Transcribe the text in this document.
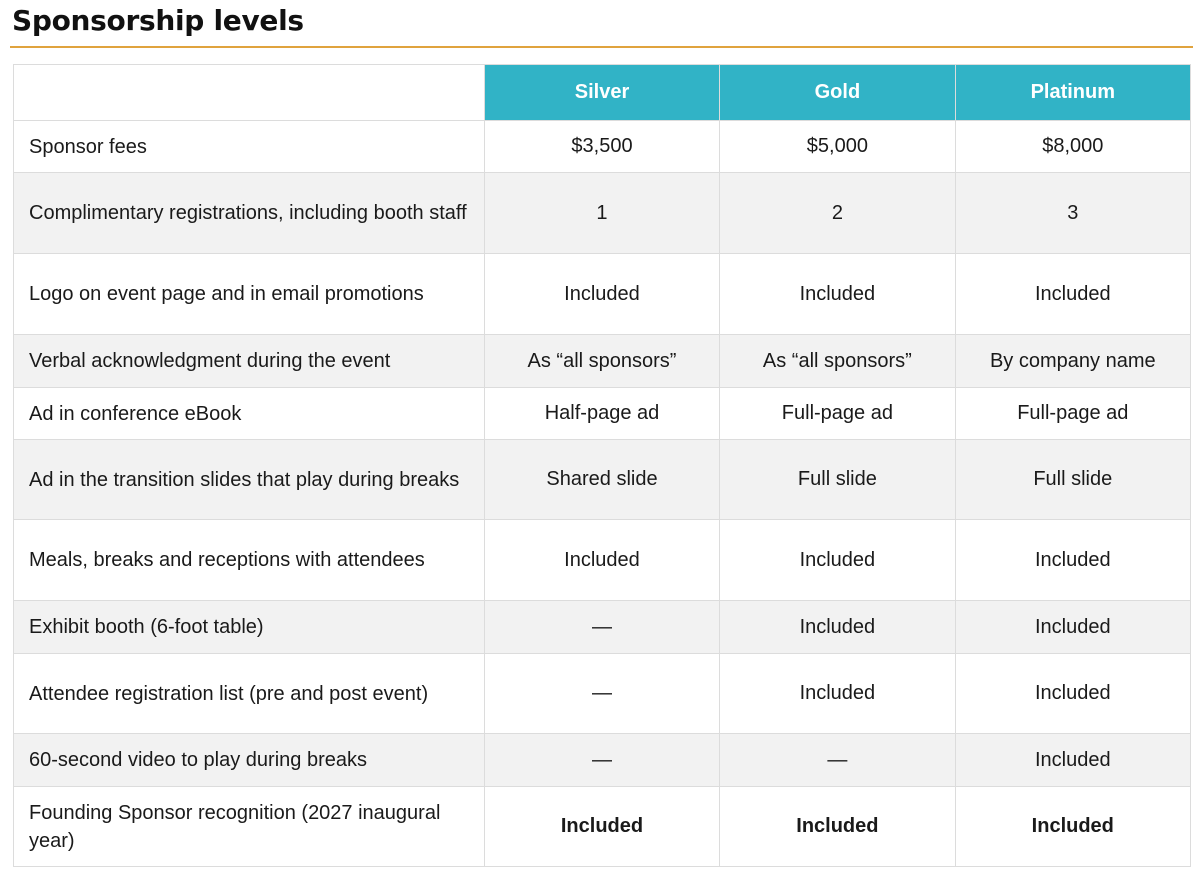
Sponsorship levels
	Silver	Gold	Platinum
Sponsor fees	$3,500	$5,000	$8,000
Complimentary registrations, including booth staff	1	2	3
Logo on event page and in email promotions	Included	Included	Included
Verbal acknowledgment during the event	As “all sponsors”	As “all sponsors”	By company name
Ad in conference eBook	Half-page ad	Full-page ad	Full-page ad
Ad in the transition slides that play during breaks	Shared slide	Full slide	Full slide
Meals, breaks and receptions with attendees	Included	Included	Included
Exhibit booth (6-foot table)	—	Included	Included
Attendee registration list (pre and post event)	—	Included	Included
60-second video to play during breaks	—	—	Included
Founding Sponsor recognition (2027 inaugural year)	Included	Included	Included
